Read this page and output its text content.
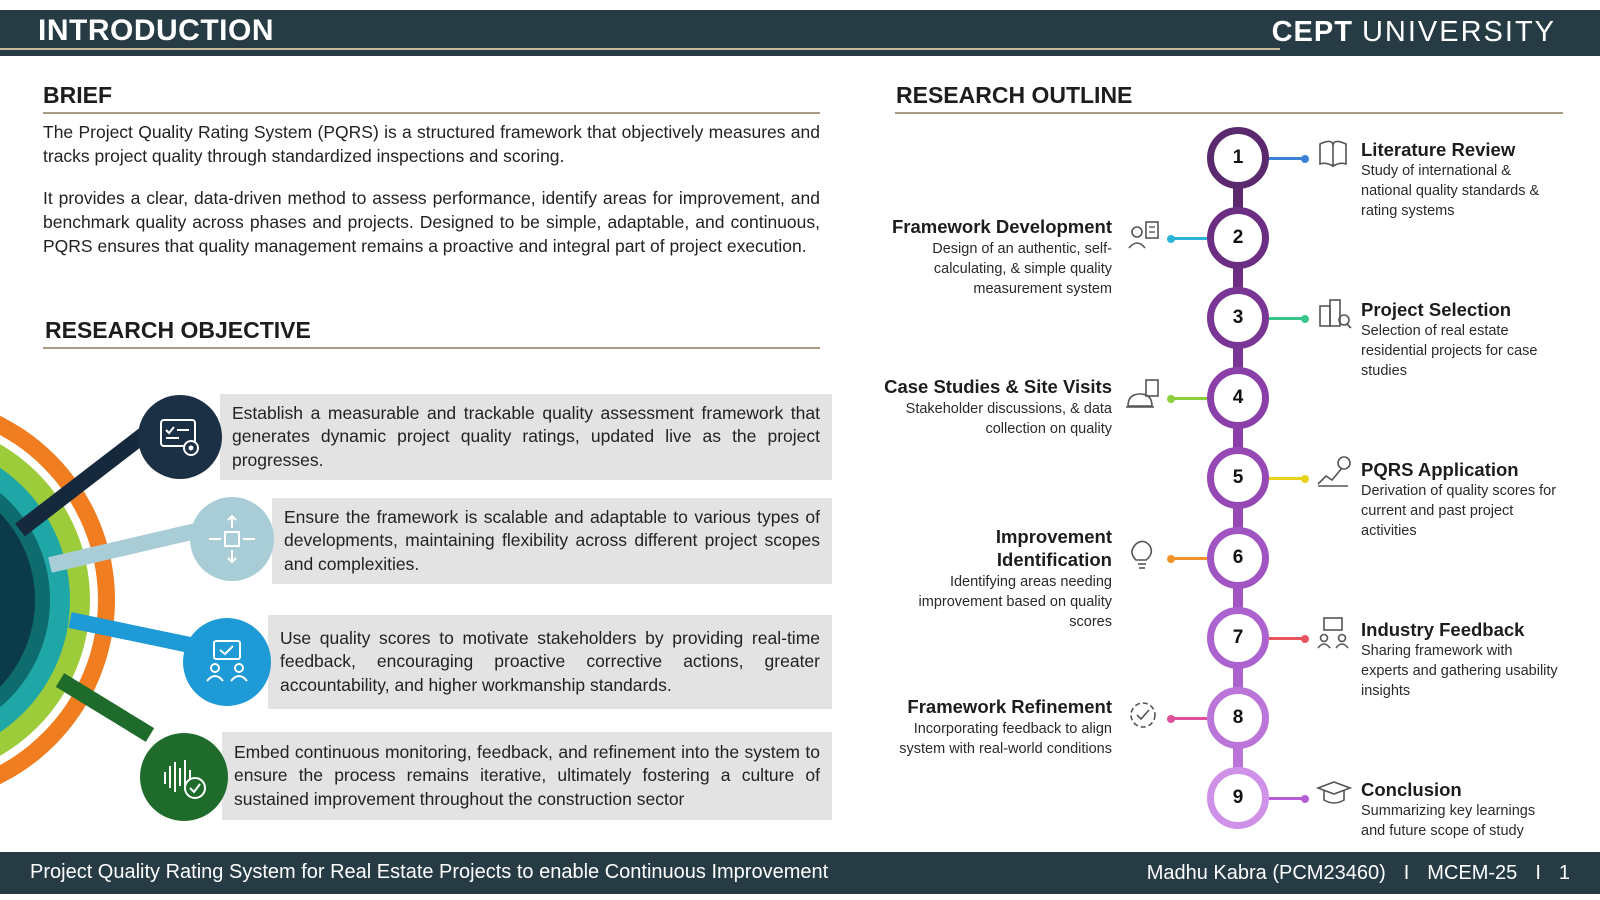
INTRODUCTION	CEPT UNIVERSITY
BRIEF
The Project Quality Rating System (PQRS) is a structured framework that objectively measures and tracks project quality through standardized inspections and scoring.
It provides a clear, data-driven method to assess performance, identify areas for improvement, and benchmark quality across phases and projects. Designed to be simple, adaptable, and continuous, PQRS ensures that quality management remains a proactive and integral part of project execution.
RESEARCH OBJECTIVE
Establish a measurable and trackable quality assessment framework that generates dynamic project quality ratings, updated live as the project progresses.
Ensure the framework is scalable and adaptable to various types of developments, maintaining flexibility across different project scopes and complexities.
Use quality scores to motivate stakeholders by providing real-time feedback, encouraging proactive corrective actions, greater accountability, and higher workmanship standards.
Embed continuous monitoring, feedback, and refinement into the system to ensure the process remains iterative, ultimately fostering a culture of sustained improvement throughout the construction sector
RESEARCH OUTLINE
1	Literature Review
Study of international & national quality standards & rating systems
2
Framework Development
Design of an authentic, self-calculating, & simple quality measurement system
3	Project Selection
Selection of real estate residential projects for case studies
4
Case Studies & Site Visits
Stakeholder discussions, & data collection on quality
5	PQRS Application
Derivation of quality scores for current and past project activities
6
Improvement Identification
Identifying areas needing improvement based on quality scores
7	Industry Feedback
Sharing framework with experts and gathering usability insights
8
Framework Refinement
Incorporating feedback to align system with real-world conditions
9	Conclusion
Summarizing key learnings and future scope of study
Project Quality Rating System for Real Estate Projects to enable Continuous Improvement	Madhu Kabra (PCM23460) I MCEM-25 I 1
